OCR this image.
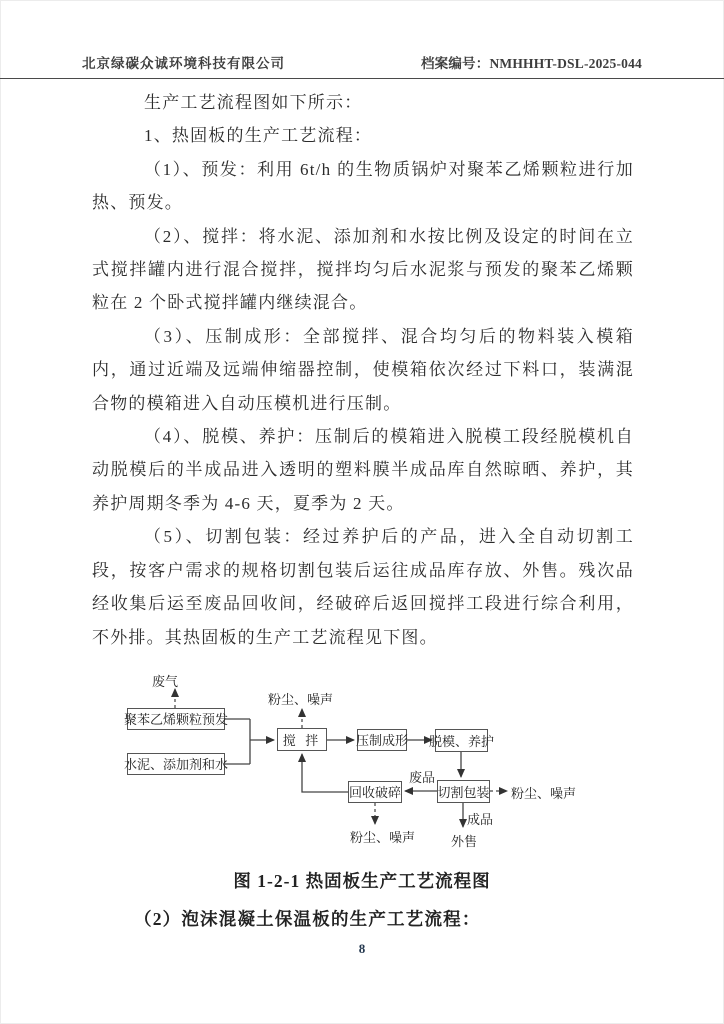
北京绿碳众诚环境科技有限公司	档案编号：NMHHHT-DSL-2025-044

生产工艺流程图如下所示：

1、热固板的生产工艺流程：

（1）、预发：利用 6t/h 的生物质锅炉对聚苯乙烯颗粒进行加热、预发。

（2）、搅拌：将水泥、添加剂和水按比例及设定的时间在立式搅拌罐内进行混合搅拌，搅拌均匀后水泥浆与预发的聚苯乙烯颗粒在 2 个卧式搅拌罐内继续混合。

（3）、压制成形：全部搅拌、混合均匀后的物料装入模箱内，通过近端及远端伸缩器控制，使模箱依次经过下料口，装满混合物的模箱进入自动压模机进行压制。

（4）、脱模、养护：压制后的模箱进入脱模工段经脱模机自动脱模后的半成品进入透明的塑料膜半成品库自然晾晒、养护，其养护周期冬季为 4-6 天，夏季为 2 天。

（5）、切割包装：经过养护后的产品，进入全自动切割工段，按客户需求的规格切割包装后运往成品库存放、外售。残次品经收集后运至废品回收间，经破碎后返回搅拌工段进行综合利用，不外排。其热固板的生产工艺流程见下图。

聚苯乙烯颗粒预发
水泥、添加剂和水
搅 拌	压制成形 脱模、养护
切割包装
回收破碎
废气
粉尘、噪声
废品
粉尘、噪声
成品
外售
粉尘、噪声
图 1-2-1 热固板生产工艺流程图
（2）泡沫混凝土保温板的生产工艺流程：
8
